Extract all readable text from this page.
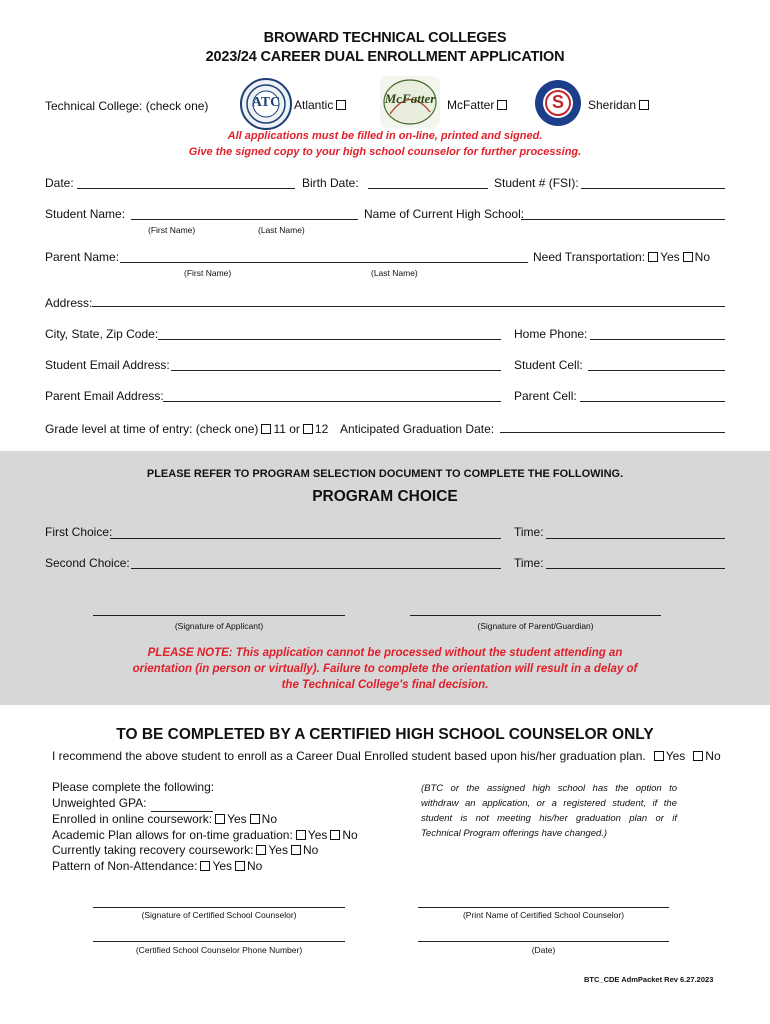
BROWARD TECHNICAL COLLEGES
2023/24 CAREER DUAL ENROLLMENT APPLICATION
Technical College: (check one)	ATC	Atlantic	McFatter McFatter	S	Sheridan
All applications must be filled in on-line, printed and signed.
Give the signed copy to your high school counselor for further processing.
Date:	Birth Date:	Student # (FSI):
Student Name:
(First Name)	(Last Name)
Name of Current High School:
Parent Name:
(First Name)	(Last Name)
Need Transportation: Yes No
Address:
City, State, Zip Code:	Home Phone:
Student Email Address:	Student Cell:
Parent Email Address:	Parent Cell:
Grade level at time of entry: (check one) 11 or 12 Anticipated Graduation Date:
PLEASE REFER TO PROGRAM SELECTION DOCUMENT TO COMPLETE THE FOLLOWING.
PROGRAM CHOICE
First Choice:	Time:
Second Choice:	Time:
(Signature of Applicant)	(Signature of Parent/Guardian)
PLEASE NOTE: This application cannot be processed without the student attending an
orientation (in person or virtually). Failure to complete the orientation will result in a delay of
the Technical College's final decision.
TO BE COMPLETED BY A CERTIFIED HIGH SCHOOL COUNSELOR ONLY
I recommend the above student to enroll as a Career Dual Enrolled student based upon his/her graduation plan. Yes No
Please complete the following:
Unweighted GPA:
Enrolled in online coursework: Yes No
Academic Plan allows for on-time graduation: Yes No
Currently taking recovery coursework: Yes No
Pattern of Non-Attendance: Yes No
(BTC or the assigned high school has the option to
withdraw an application, or a registered student, if the
student is not meeting his/her graduation plan or if
Technical Program offerings have changed.)
(Signature of Certified School Counselor)	(Print Name of Certified School Counselor)
(Certified School Counselor Phone Number)	(Date)
BTC_CDE AdmPacket Rev 6.27.2023
